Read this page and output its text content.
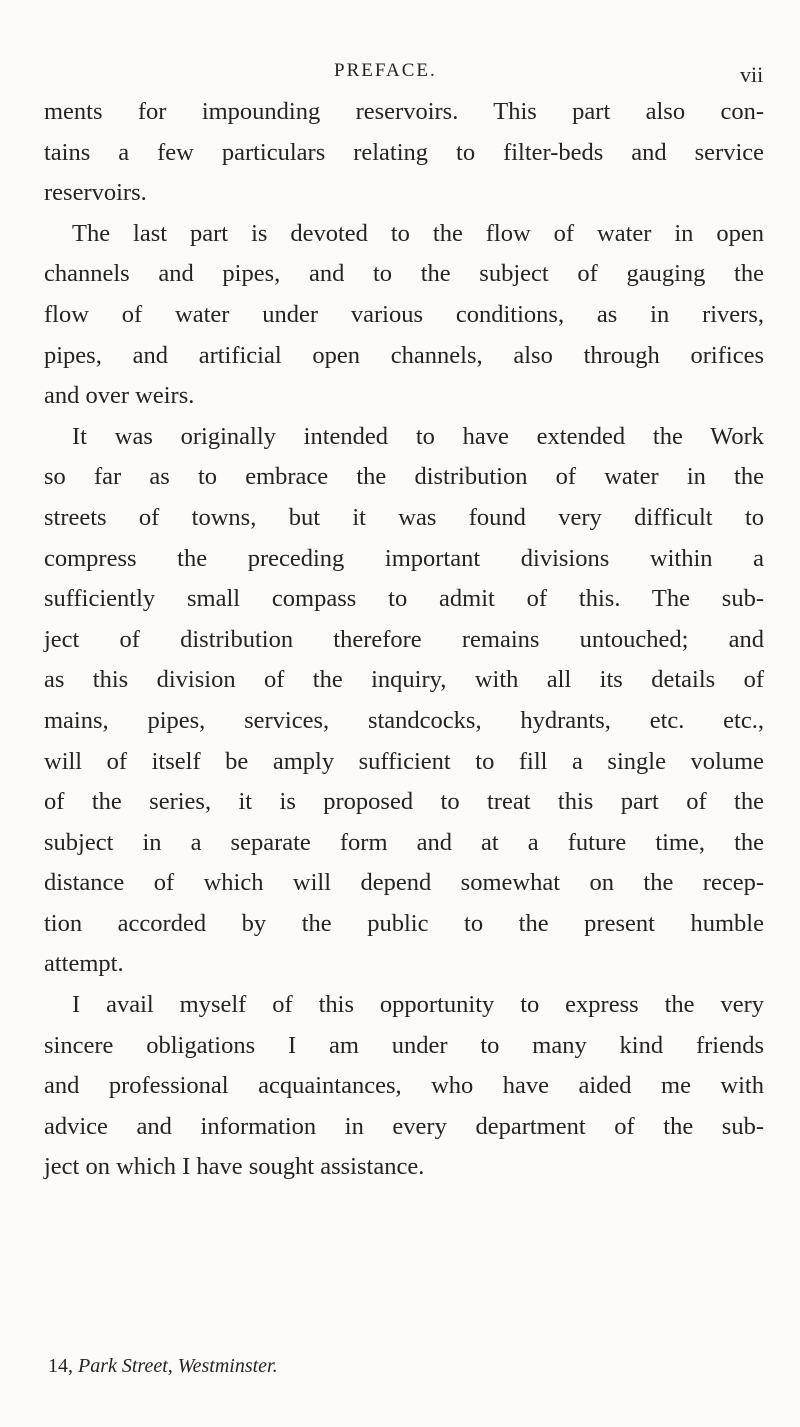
PREFACE.	vii
ments for impounding reservoirs. This part also con-
tains a few particulars relating to filter-beds and service
reservoirs.
The last part is devoted to the flow of water in open
channels and pipes, and to the subject of gauging the
flow of water under various conditions, as in rivers,
pipes, and artificial open channels, also through orifices
and over weirs.
It was originally intended to have extended the Work
so far as to embrace the distribution of water in the
streets of towns, but it was found very difficult to
compress the preceding important divisions within a
sufficiently small compass to admit of this. The sub-
ject of distribution therefore remains untouched; and
as this division of the inquiry, with all its details of
mains, pipes, services, standcocks, hydrants, etc. etc.,
will of itself be amply sufficient to fill a single volume
of the series, it is proposed to treat this part of the
subject in a separate form and at a future time, the
distance of which will depend somewhat on the recep-
tion accorded by the public to the present humble
attempt.
I avail myself of this opportunity to express the very
sincere obligations I am under to many kind friends
and professional acquaintances, who have aided me with
advice and information in every department of the sub-
ject on which I have sought assistance.
14, Park Street, Westminster.
